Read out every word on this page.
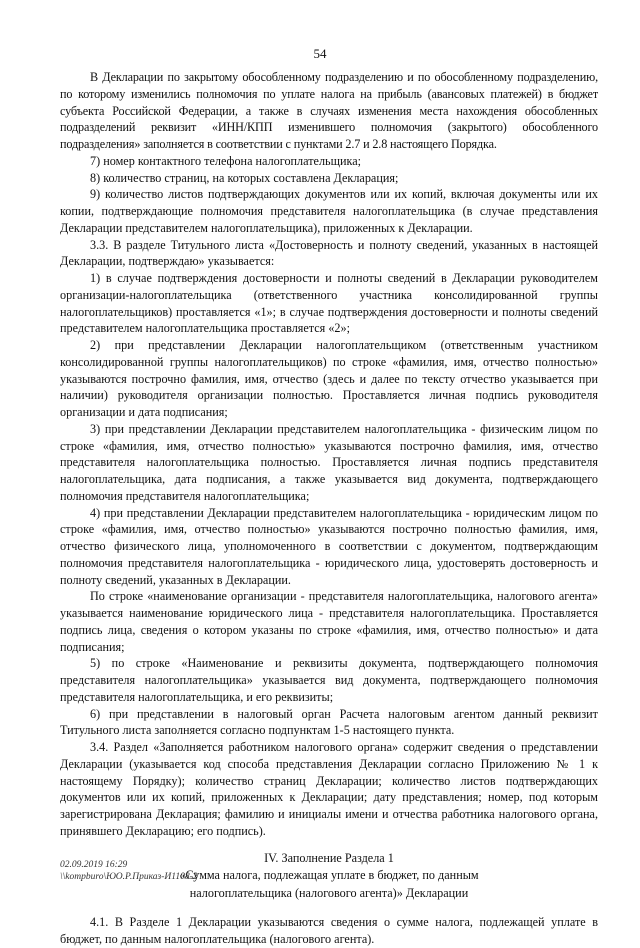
54

В Декларации по закрытому обособленному подразделению и по обособленному подразделению, по которому изменились полномочия по уплате налога на прибыль (авансовых платежей) в бюджет субъекта Российской Федерации, а также в случаях изменения места нахождения обособленных подразделений реквизит «ИНН/КПП изменившего полномочия (закрытого) обособленного подразделения» заполняется в соответствии с пунктами 2.7 и 2.8 настоящего Порядка.

7) номер контактного телефона налогоплательщика;

8) количество страниц, на которых составлена Декларация;

9) количество листов подтверждающих документов или их копий, включая документы или их копии, подтверждающие полномочия представителя налогоплательщика (в случае представления Декларации представителем налогоплательщика), приложенных к Декларации.

3.3. В разделе Титульного листа «Достоверность и полноту сведений, указанных в настоящей Декларации, подтверждаю» указывается:

1) в случае подтверждения достоверности и полноты сведений в Декларации руководителем организации-налогоплательщика (ответственного участника консолидированной группы налогоплательщиков) проставляется «1»; в случае подтверждения достоверности и полноты сведений представителем налогоплательщика проставляется «2»;

2) при представлении Декларации налогоплательщиком (ответственным участником консолидированной группы налогоплательщиков) по строке «фамилия, имя, отчество полностью» указываются построчно фамилия, имя, отчество (здесь и далее по тексту отчество указывается при наличии) руководителя организации полностью. Проставляется личная подпись руководителя организации и дата подписания;

3) при представлении Декларации представителем налогоплательщика - физическим лицом по строке «фамилия, имя, отчество полностью» указываются построчно фамилия, имя, отчество представителя налогоплательщика полностью. Проставляется личная подпись представителя налогоплательщика, дата подписания, а также указывается вид документа, подтверждающего полномочия представителя налогоплательщика;

4) при представлении Декларации представителем налогоплательщика - юридическим лицом по строке «фамилия, имя, отчество полностью» указываются построчно полностью фамилия, имя, отчество физического лица, уполномоченного в соответствии с документом, подтверждающим полномочия представителя налогоплательщика - юридического лица, удостоверять достоверность и полноту сведений, указанных в Декларации.

По строке «наименование организации - представителя налогоплательщика, налогового агента» указывается наименование юридического лица - представителя налогоплательщика. Проставляется подпись лица, сведения о котором указаны по строке «фамилия, имя, отчество полностью» и дата подписания;

5) по строке «Наименование и реквизиты документа, подтверждающего полномочия представителя налогоплательщика» указывается вид документа, подтверждающего полномочия представителя налогоплательщика, и его реквизиты;

6) при представлении в налоговый орган Расчета налоговым агентом данный реквизит Титульного листа заполняется согласно подпунктам 1-5 настоящего пункта.

3.4. Раздел «Заполняется работником налогового органа» содержит сведения о представлении Декларации (указывается код способа представления Декларации согласно Приложению № 1 к настоящему Порядку); количество страниц Декларации; количество листов подтверждающих документов или их копий, приложенных к Декларации; дату представления; номер, под которым зарегистрирована Декларация; фамилию и инициалы имени и отчества работника налогового органа, принявшего Декларацию; его подпись).

IV. Заполнение Раздела 1
«Сумма налога, подлежащая уплате в бюджет, по данным
налогоплательщика (налогового агента)» Декларации

4.1. В Разделе 1 Декларации указываются сведения о сумме налога, подлежащей уплате в бюджет, по данным налогоплательщика (налогового агента).

02.09.2019 16:29
\\kompburo\ЮО.Р.Приказ-И1108-2
